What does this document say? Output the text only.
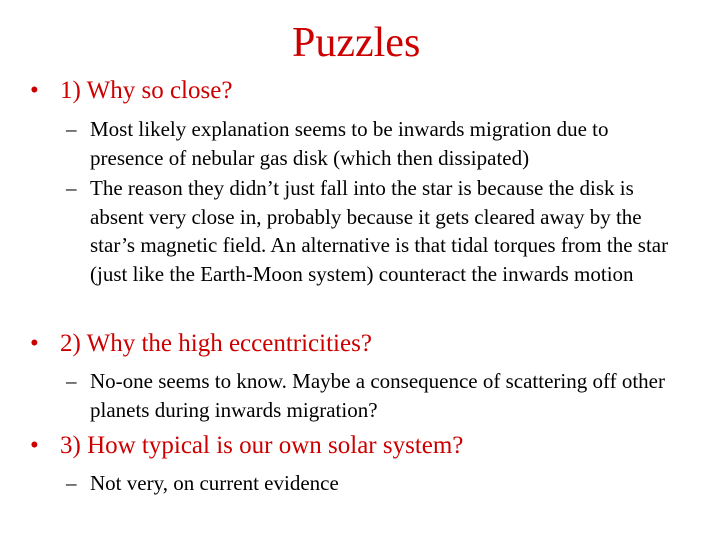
Puzzles
• 1) Why so close?
– Most likely explanation seems to be inwards migration due to presence of nebular gas disk (which then dissipated)
– The reason they didn’t just fall into the star is because the disk is absent very close in, probably because it gets cleared away by the star’s magnetic field. An alternative is that tidal torques from the star (just like the Earth-Moon system) counteract the inwards motion
• 2) Why the high eccentricities?
– No-one seems to know. Maybe a consequence of scattering off other planets during inwards migration?
• 3) How typical is our own solar system?
– Not very, on current evidence
